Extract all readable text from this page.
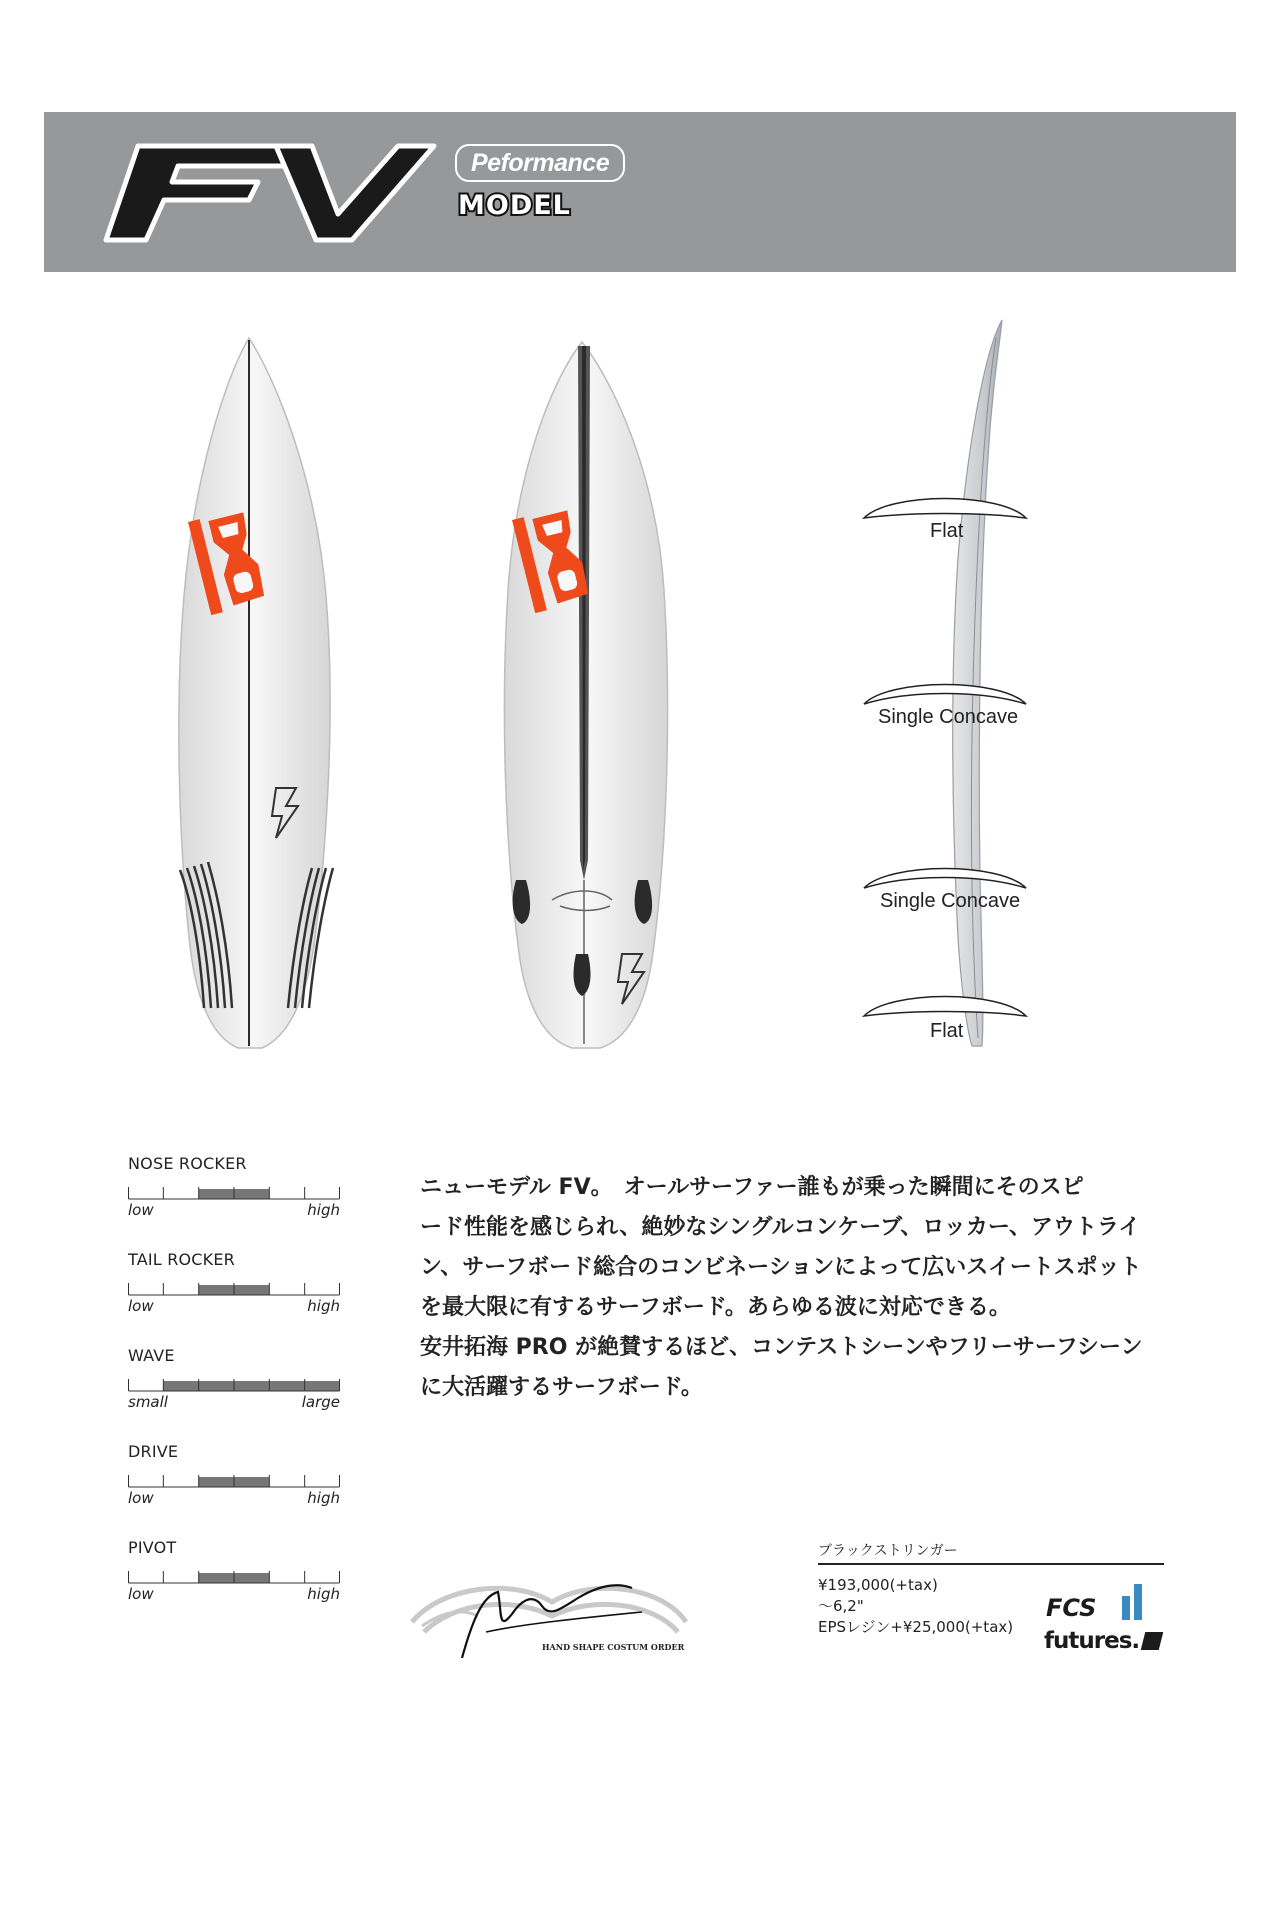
Peformance
MODEL
Flat
Single Concave
Single Concave
Flat
NOSE ROCKER
low	high
TAIL ROCKER
low	high
WAVE
small	large
DRIVE
low	high
PIVOT
low	high
ニューモデル FV。　オールサーファー誰もが乗った瞬間にそのスピ
ード性能を感じられ、絶妙なシングルコンケーブ、ロッカー、アウトライ
ン、サーフボード総合のコンビネーションによって広いスイートスポット
を最大限に有するサーフボード。あらゆる波に対応できる。
安井拓海 PRO が絶賛するほど、コンテストシーンやフリーサーフシーン
に大活躍するサーフボード。
HAND SHAPE COSTUM ORDER
ブラックストリンガー
¥193,000(+tax)
〜6,2"
EPSレジン+¥25,000(+tax)
FCS
futures.
